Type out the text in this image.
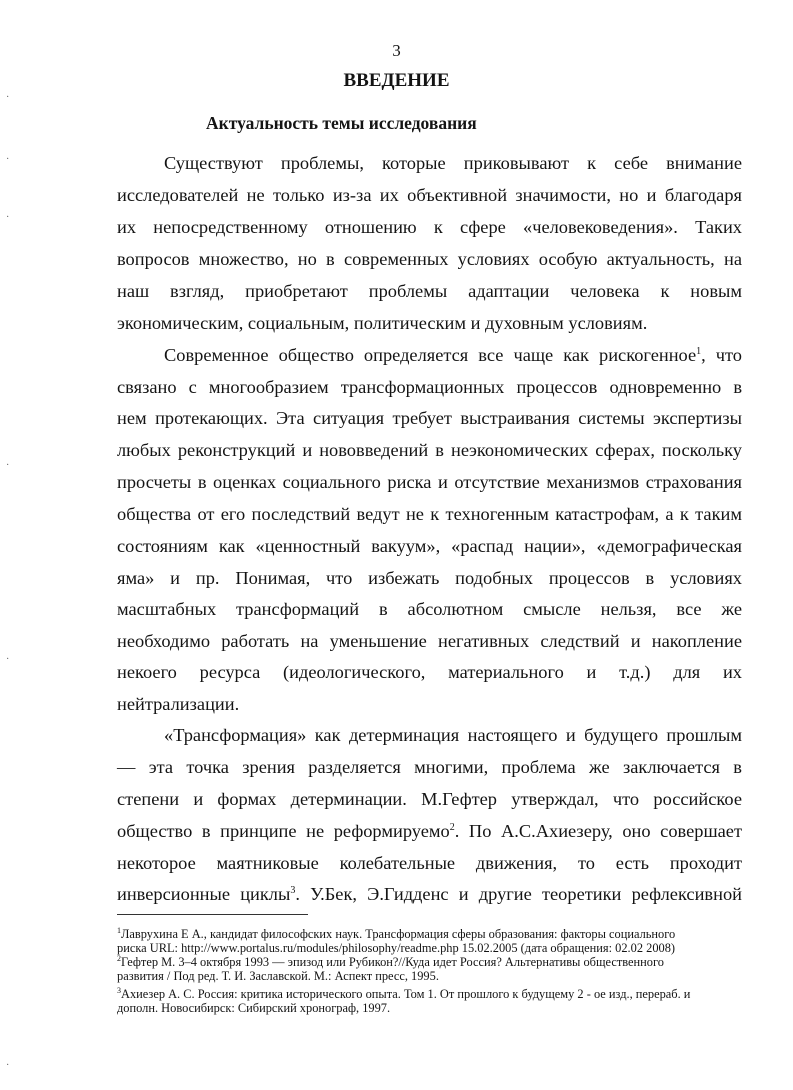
3
ВВЕДЕНИЕ
Актуальность темы исследования
Существуют проблемы, которые приковывают к себе внимание
исследователей не только из-за их объективной значимости, но и благодаря
их непосредственному отношению к сфере «человековедения». Таких
вопросов множество, но в современных условиях особую актуальность, на
наш взгляд, приобретают проблемы адаптации человека к новым
экономическим, социальным, политическим и духовным условиям.
Современное общество определяется все чаще как рискогенное$^1$, что
связано с многообразием трансформационных процессов одновременно в
нем протекающих. Эта ситуация требует выстраивания системы экспертизы
любых реконструкций и нововведений в неэкономических сферах, поскольку
просчеты в оценках социального риска и отсутствие механизмов страхования
общества от его последствий ведут не к техногенным катастрофам, а к таким
состояниям как «ценностный вакуум», «распад нации», «демографическая
яма» и пр. Понимая, что избежать подобных процессов в условиях
масштабных трансформаций в абсолютном смысле нельзя, все же
необходимо работать на уменьшение негативных следствий и накопление
некоего ресурса (идеологического, материального и т.д.) для их
нейтрализации.
«Трансформация» как детерминация настоящего и будущего прошлым
— эта точка зрения разделяется многими, проблема же заключается в
степени и формах детерминации. М.Гефтер утверждал, что российское
общество в принципе не реформируемо$^2$. По А.С.Ахиезеру, оно совершает
некоторое маятниковые колебательные движения, то есть проходит
инверсионные циклы$^3$. У.Бек, Э.Гидденс и другие теоретики рефлексивной
$^1$Лаврухина Е А., кандидат философских наук. Трансформация сферы образования: факторы социального
риска URL: http://www.portalus.ru/modules/philosophy/readme.php 15.02.2005 (дата обращения: 02.02 2008)
$^2$Гефтер М. 3–4 октября 1993 — эпизод или Рубикон?//Куда идет Россия? Альтернативы общественного
развития / Под ред. Т. И. Заславской. М.: Аспект пресс, 1995.
$^3$Ахиезер А. С. Россия: критика исторического опыта. Том 1. От прошлого к будущему 2 - ое изд., перераб. и
дополн. Новосибирск: Сибирский хронограф, 1997.
·
·
·
·
·
·
